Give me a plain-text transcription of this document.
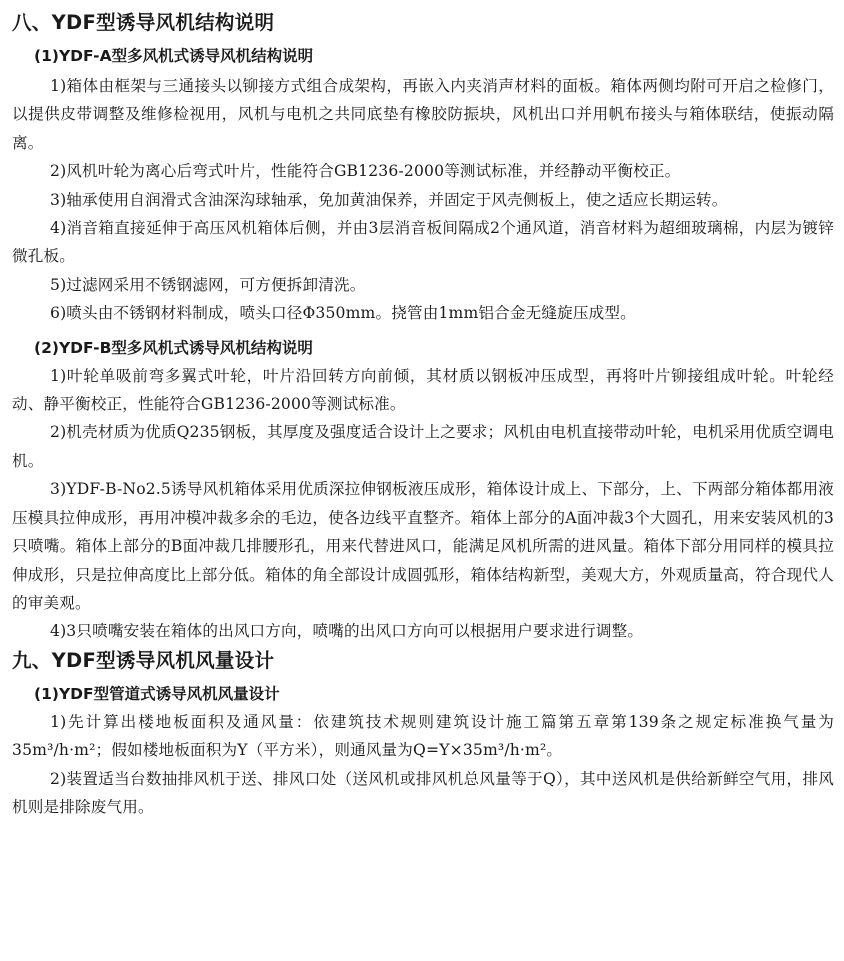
八、YDF型诱导风机结构说明
(1)YDF-A型多风机式诱导风机结构说明

1)箱体由框架与三通接头以铆接方式组合成架构，再嵌入内夹消声材料的面板。箱体两侧均附可开启之检修门，以提供皮带调整及维修检视用，风机与电机之共同底垫有橡胶防振块，风机出口并用帆布接头与箱体联结，使振动隔离。

2)风机叶轮为离心后弯式叶片，性能符合GB1236-2000等测试标准，并经静动平衡校正。

3)轴承使用自润滑式含油深沟球轴承，免加黄油保养，并固定于风壳侧板上，使之适应长期运转。

4)消音箱直接延伸于高压风机箱体后侧，并由3层消音板间隔成2个通风道，消音材料为超细玻璃棉，内层为镀锌微孔板。

5)过滤网采用不锈钢滤网，可方便拆卸清洗。

6)喷头由不锈钢材料制成，喷头口径Φ350mm。挠管由1mm铝合金无缝旋压成型。

(2)YDF-B型多风机式诱导风机结构说明

1)叶轮单吸前弯多翼式叶轮，叶片沿回转方向前倾，其材质以钢板冲压成型，再将叶片铆接组成叶轮。叶轮经动、静平衡校正，性能符合GB1236-2000等测试标准。

2)机壳材质为优质Q235钢板，其厚度及强度适合设计上之要求；风机由电机直接带动叶轮，电机采用优质空调电机。

3)YDF-B-No2.5诱导风机箱体采用优质深拉伸钢板液压成形，箱体设计成上、下部分，上、下两部分箱体都用液压模具拉伸成形，再用冲模冲裁多余的毛边，使各边线平直整齐。箱体上部分的A面冲裁3个大圆孔，用来安装风机的3只喷嘴。箱体上部分的B面冲裁几排腰形孔，用来代替进风口，能满足风机所需的进风量。箱体下部分用同样的模具拉伸成形，只是拉伸高度比上部分低。箱体的角全部设计成圆弧形，箱体结构新型，美观大方，外观质量高，符合现代人的审美观。

4)3只喷嘴安装在箱体的出风口方向，喷嘴的出风口方向可以根据用户要求进行调整。

九、YDF型诱导风机风量设计
(1)YDF型管道式诱导风机风量设计

1)先计算出楼地板面积及通风量：依建筑技术规则建筑设计施工篇第五章第139条之规定标准换气量为35m³/h·m²；假如楼地板面积为Y（平方米），则通风量为Q=Y×35m³/h·m²。

2)装置适当台数抽排风机于送、排风口处（送风机或排风机总风量等于Q），其中送风机是供给新鲜空气用，排风机则是排除废气用。
